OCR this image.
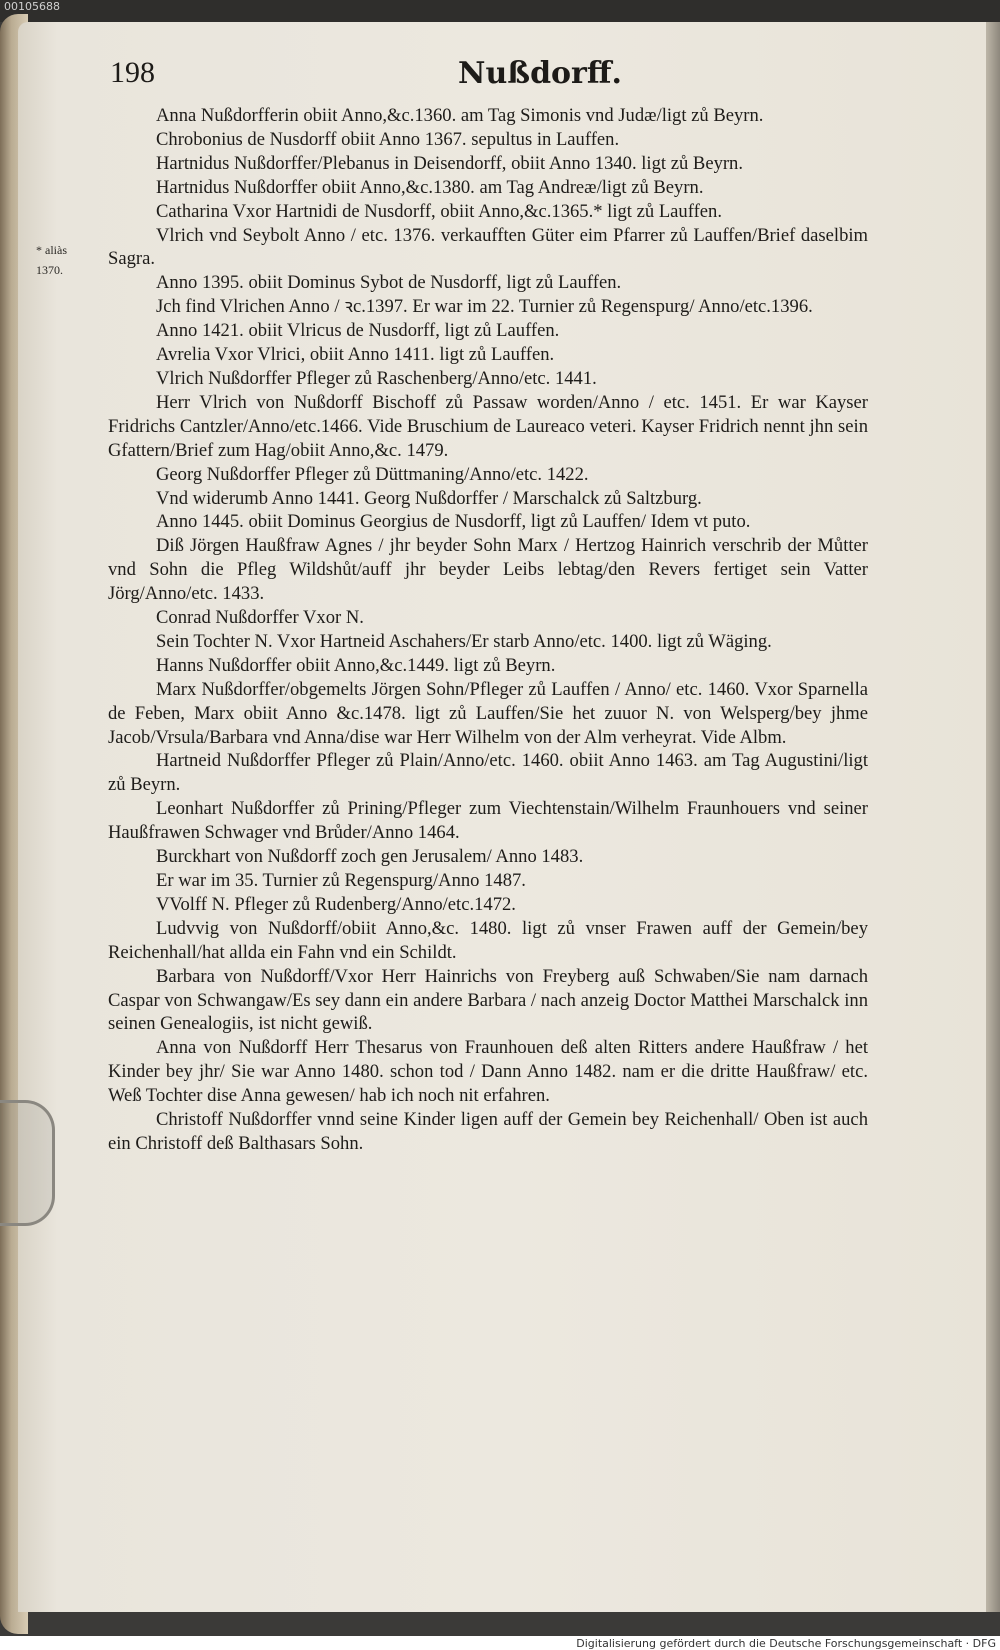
00105688
198	Nußdorff.
* aliàs 1370.

Anna Nußdorfferin obiit Anno,&c.1360. am Tag Simonis vnd Judæ/ligt zů Beyrn.

Chrobonius de Nusdorff obiit Anno 1367. sepultus in Lauffen.

Hartnidus Nußdorffer/Plebanus in Deisendorff, obiit Anno 1340. ligt zů Beyrn.

Hartnidus Nußdorffer obiit Anno,&c.1380. am Tag Andreæ/ligt zů Beyrn.

Catharina Vxor Hartnidi de Nusdorff, obiit Anno,&c.1365.* ligt zů Lauffen.

Vlrich vnd Seybolt Anno / etc. 1376. verkaufften Güter eim Pfarrer zů Lauffen/Brief daselbim Sagra.

Anno 1395. obiit Dominus Sybot de Nusdorff, ligt zů Lauffen.

Jch find Vlrichen Anno / ꝛc.1397. Er war im 22. Turnier zů Regenspurg/ Anno/etc.1396.

Anno 1421. obiit Vlricus de Nusdorff, ligt zů Lauffen.

Avrelia Vxor Vlrici, obiit Anno 1411. ligt zů Lauffen.

Vlrich Nußdorffer Pfleger zů Raschenberg/Anno/etc. 1441.

Herr Vlrich von Nußdorff Bischoff zů Passaw worden/Anno / etc. 1451. Er war Kayser Fridrichs Cantzler/Anno/etc.1466. Vide Bruschium de Laureaco veteri. Kayser Fridrich nennt jhn sein Gfattern/Brief zum Hag/obiit Anno,&c. 1479.

Georg Nußdorffer Pfleger zů Düttmaning/Anno/etc. 1422.

Vnd widerumb Anno 1441. Georg Nußdorffer / Marschalck zů Saltzburg.

Anno 1445. obiit Dominus Georgius de Nusdorff, ligt zů Lauffen/ Idem vt puto.

Diß Jörgen Haußfraw Agnes / jhr beyder Sohn Marx / Hertzog Hainrich verschrib der Můtter vnd Sohn die Pfleg Wildshůt/auff jhr beyder Leibs lebtag/den Revers fertiget sein Vatter Jörg/Anno/etc. 1433.

Conrad Nußdorffer Vxor N.

Sein Tochter N. Vxor Hartneid Aschahers/Er starb Anno/etc. 1400. ligt zů Wäging.

Hanns Nußdorffer obiit Anno,&c.1449. ligt zů Beyrn.

Marx Nußdorffer/obgemelts Jörgen Sohn/Pfleger zů Lauffen / Anno/ etc. 1460. Vxor Sparnella de Feben, Marx obiit Anno &c.1478. ligt zů Lauffen/Sie het zuuor N. von Welsperg/bey jhme Jacob/Vrsula/Barbara vnd Anna/dise war Herr Wilhelm von der Alm verheyrat. Vide Albm.

Hartneid Nußdorffer Pfleger zů Plain/Anno/etc. 1460. obiit Anno 1463. am Tag Augustini/ligt zů Beyrn.

Leonhart Nußdorffer zů Prining/Pfleger zum Viechtenstain/Wilhelm Fraunhouers vnd seiner Haußfrawen Schwager vnd Brůder/Anno 1464.

Burckhart von Nußdorff zoch gen Jerusalem/ Anno 1483.

Er war im 35. Turnier zů Regenspurg/Anno 1487.

VVolff N. Pfleger zů Rudenberg/Anno/etc.1472.

Ludvvig von Nußdorff/obiit Anno,&c. 1480. ligt zů vnser Frawen auff der Gemein/bey Reichenhall/hat allda ein Fahn vnd ein Schildt.

Barbara von Nußdorff/Vxor Herr Hainrichs von Freyberg auß Schwaben/Sie nam darnach Caspar von Schwangaw/Es sey dann ein andere Barbara / nach anzeig Doctor Matthei Marschalck inn seinen Genealogiis, ist nicht gewiß.

Anna von Nußdorff Herr Thesarus von Fraunhouen deß alten Ritters andere Haußfraw / het Kinder bey jhr/ Sie war Anno 1480. schon tod / Dann Anno 1482. nam er die dritte Haußfraw/ etc. Weß Tochter dise Anna gewesen/ hab ich noch nit erfahren.

Christoff Nußdorffer vnnd seine Kinder ligen auff der Gemein bey Reichenhall/ Oben ist auch ein Christoff deß Balthasars Sohn.

Digitalisierung gefördert durch die Deutsche Forschungsgemeinschaft · DFG
